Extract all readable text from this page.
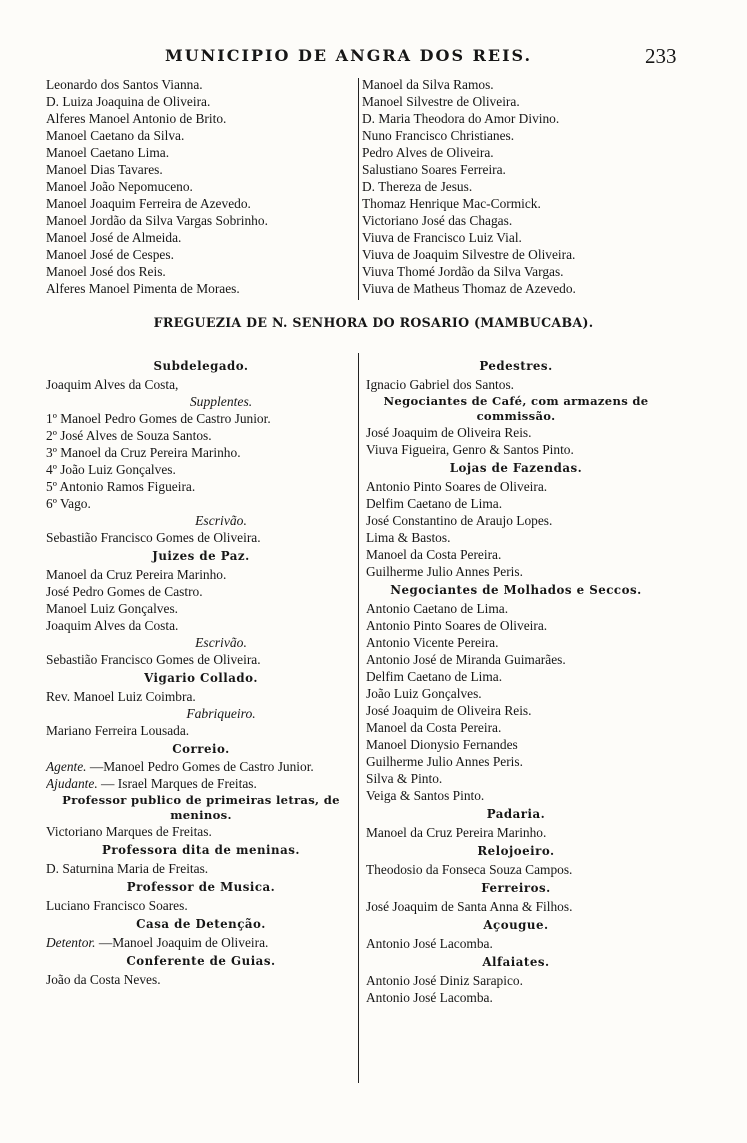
MUNICIPIO DE ANGRA DOS REIS.	233
Leonardo dos Santos Vianna.
D. Luiza Joaquina de Oliveira.
Alferes Manoel Antonio de Brito.
Manoel Caetano da Silva.
Manoel Caetano Lima.
Manoel Dias Tavares.
Manoel João Nepomuceno.
Manoel Joaquim Ferreira de Azevedo.
Manoel Jordão da Silva Vargas Sobrinho.
Manoel José de Almeida.
Manoel José de Cespes.
Manoel José dos Reis.
Alferes Manoel Pimenta de Moraes.
Manoel da Silva Ramos.
Manoel Silvestre de Oliveira.
D. Maria Theodora do Amor Divino.
Nuno Francisco Christianes.
Pedro Alves de Oliveira.
Salustiano Soares Ferreira.
D. Thereza de Jesus.
Thomaz Henrique Mac-Cormick.
Victoriano José das Chagas.
Viuva de Francisco Luiz Vial.
Viuva de Joaquim Silvestre de Oliveira.
Viuva Thomé Jordão da Silva Vargas.
Viuva de Matheus Thomaz de Azevedo.
FREGUEZIA DE N. SENHORA DO ROSARIO (MAMBUCABA).
Subdelegado.
Joaquim Alves da Costa,
Supplentes.
1º Manoel Pedro Gomes de Castro Junior.
2º José Alves de Souza Santos.
3º Manoel da Cruz Pereira Marinho.
4º João Luiz Gonçalves.
5º Antonio Ramos Figueira.
6º Vago.
Escrivão.
Sebastião Francisco Gomes de Oliveira.
Juizes de Paz.
Manoel da Cruz Pereira Marinho.
José Pedro Gomes de Castro.
Manoel Luiz Gonçalves.
Joaquim Alves da Costa.
Escrivão.
Sebastião Francisco Gomes de Oliveira.
Vigario Collado.
Rev. Manoel Luiz Coimbra.
Fabriqueiro.
Mariano Ferreira Lousada.
Correio.
Agente. —Manoel Pedro Gomes de Castro Junior.
Ajudante. — Israel Marques de Freitas.
Professor publico de primeiras letras, de meninos.
Victoriano Marques de Freitas.
Professora dita de meninas.
D. Saturnina Maria de Freitas.
Professor de Musica.
Luciano Francisco Soares.
Casa de Detenção.
Detentor. —Manoel Joaquim de Oliveira.
Conferente de Guias.
João da Costa Neves.
Pedestres.
Ignacio Gabriel dos Santos.
Negociantes de Café, com armazens de commissão.
José Joaquim de Oliveira Reis.
Viuva Figueira, Genro & Santos Pinto.
Lojas de Fazendas.
Antonio Pinto Soares de Oliveira.
Delfim Caetano de Lima.
José Constantino de Araujo Lopes.
Lima & Bastos.
Manoel da Costa Pereira.
Guilherme Julio Annes Peris.
Negociantes de Molhados e Seccos.
Antonio Caetano de Lima.
Antonio Pinto Soares de Oliveira.
Antonio Vicente Pereira.
Antonio José de Miranda Guimarães.
Delfim Caetano de Lima.
João Luiz Gonçalves.
José Joaquim de Oliveira Reis.
Manoel da Costa Pereira.
Manoel Dionysio Fernandes
Guilherme Julio Annes Peris.
Silva & Pinto.
Veiga & Santos Pinto.
Padaria.
Manoel da Cruz Pereira Marinho.
Relojoeiro.
Theodosio da Fonseca Souza Campos.
Ferreiros.
José Joaquim de Santa Anna & Filhos.
Açougue.
Antonio José Lacomba.
Alfaiates.
Antonio José Diniz Sarapico.
Antonio José Lacomba.
